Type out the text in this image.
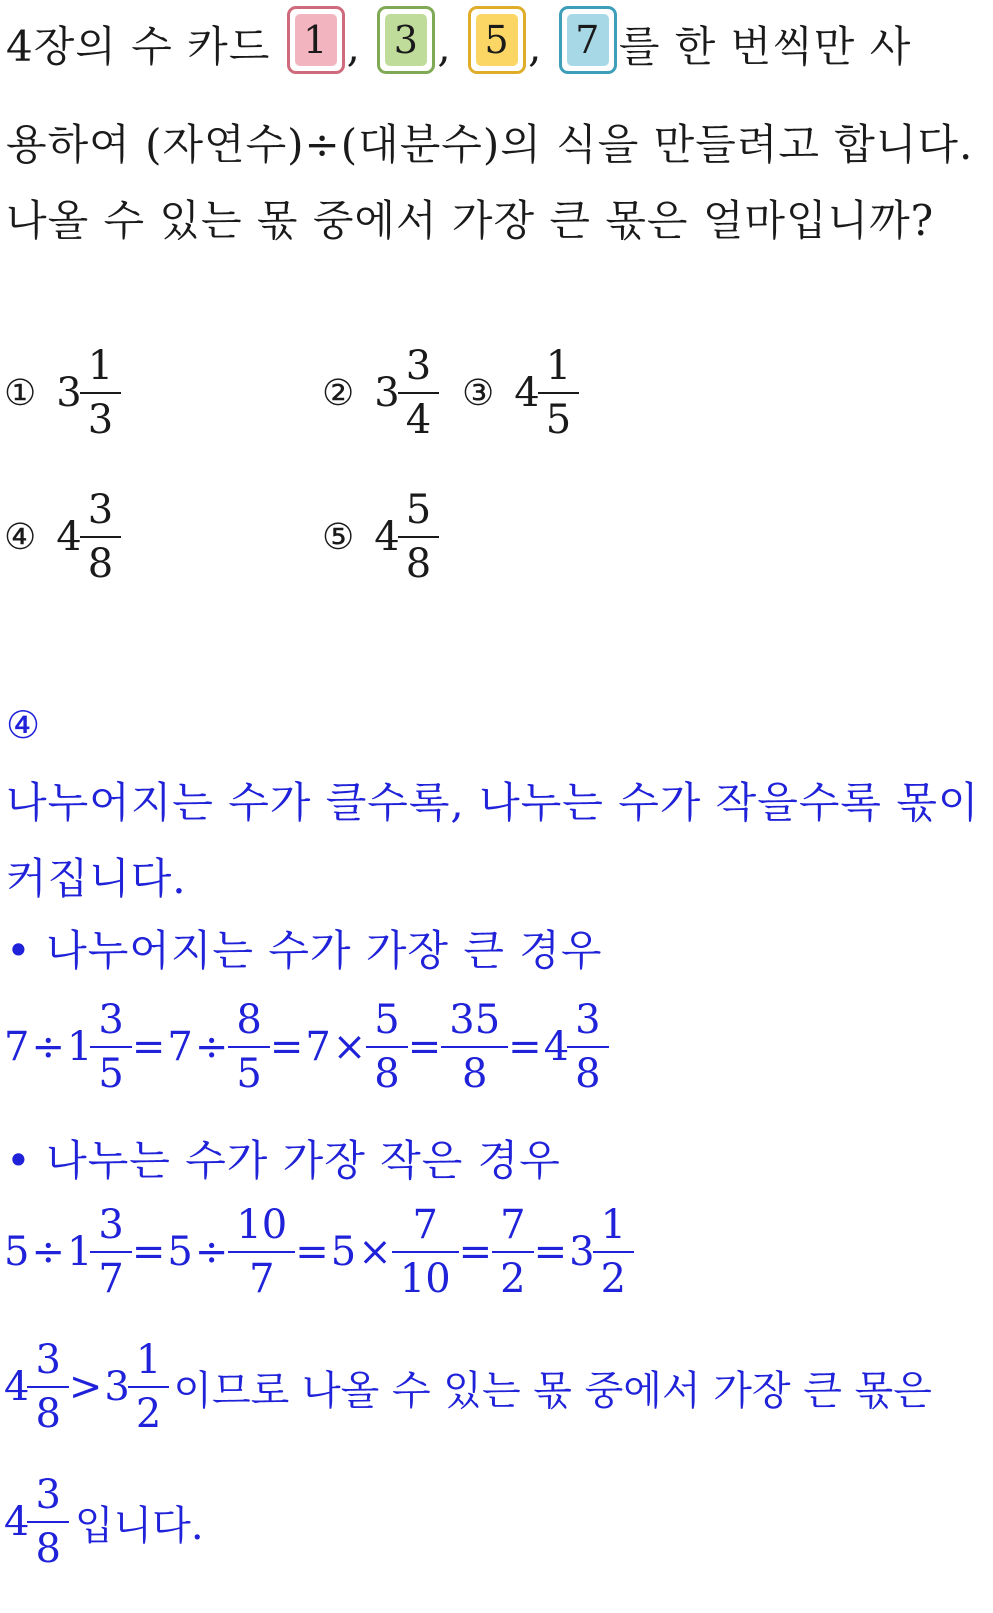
4장의 수 카드 1 , 3 , 5 , 7 를 한 번씩만 사
용하여 (자연수)÷(대분수)의 식을 만들려고 합니다.
나올 수 있는 몫 중에서 가장 큰 몫은 얼마입니까?
① $3 \frac{1}{3}$	② $3 \frac{3}{4}$ ③ $4 \frac{1}{5}$
④ $4 \frac{3}{8}$	⑤ $4 \frac{5}{8}$
④
나누어지는 수가 클수록, 나누는 수가 작을수록 몫이
커집니다.
• 나누어지는 수가 가장 큰 경우
$7 \div 1 \frac{3}{5} = 7 \div \frac{8}{5} = 7 \times \frac{5}{8} = \frac{35}{8} = 4 \frac{3}{8}$
• 나누는 수가 가장 작은 경우
$5 \div 1 \frac{3}{7} = 5 \div \frac{10}{7} = 5 \times \frac{7}{10} = \frac{7}{2} = 3 \frac{1}{2}$
$4 \frac{3}{8} > 3 \frac{1}{2}$ 이므로 나올 수 있는 몫 중에서 가장 큰 몫은
$4 \frac{3}{8}$ 입니다.
